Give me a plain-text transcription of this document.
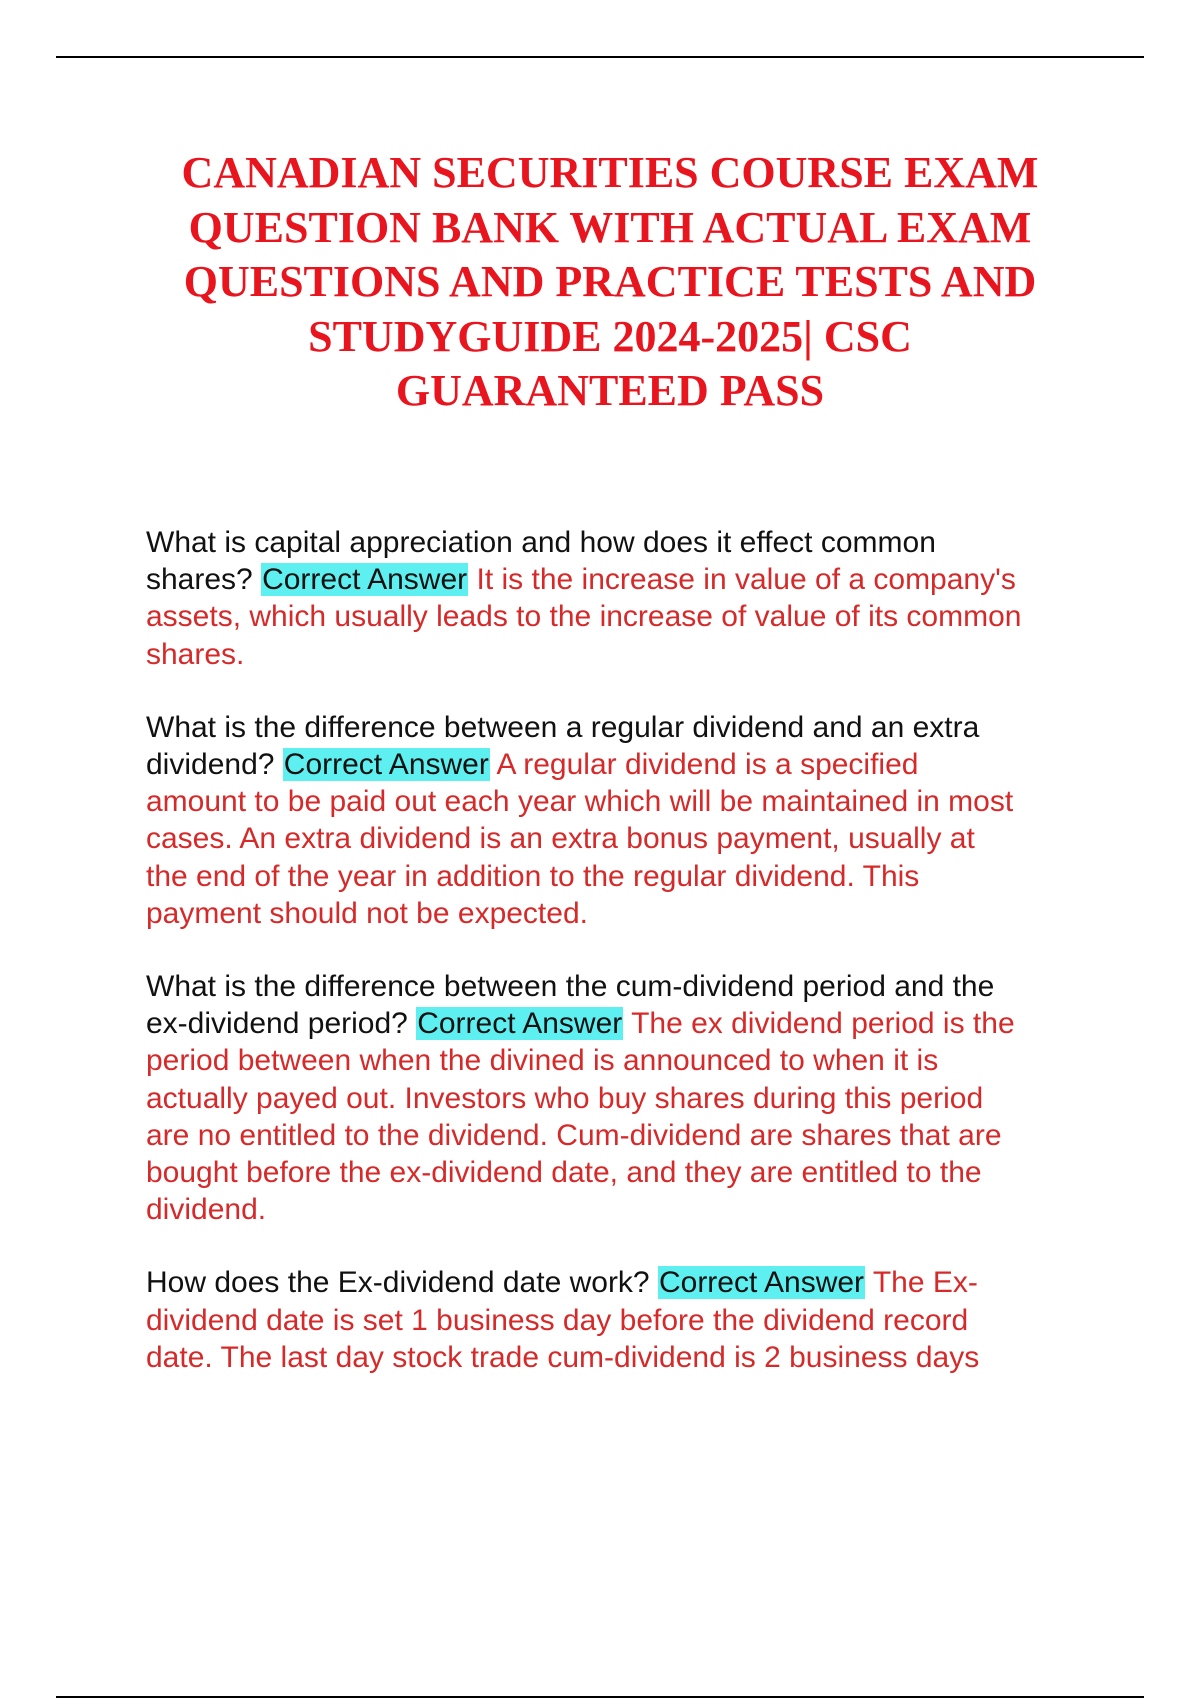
CANADIAN SECURITIES COURSE EXAM
QUESTION BANK WITH ACTUAL EXAM
QUESTIONS AND PRACTICE TESTS AND
STUDYGUIDE 2024-2025| CSC
GUARANTEED PASS
What is capital appreciation and how does it effect common
shares? Correct Answer It is the increase in value of a company's
assets, which usually leads to the increase of value of its common
shares.
What is the difference between a regular dividend and an extra
dividend? Correct Answer A regular dividend is a specified
amount to be paid out each year which will be maintained in most
cases. An extra dividend is an extra bonus payment, usually at
the end of the year in addition to the regular dividend. This
payment should not be expected.
What is the difference between the cum-dividend period and the
ex-dividend period? Correct Answer The ex dividend period is the
period between when the divined is announced to when it is
actually payed out. Investors who buy shares during this period
are no entitled to the dividend. Cum-dividend are shares that are
bought before the ex-dividend date, and they are entitled to the
dividend.
How does the Ex-dividend date work? Correct Answer The Ex-
dividend date is set 1 business day before the dividend record
date. The last day stock trade cum-dividend is 2 business days
